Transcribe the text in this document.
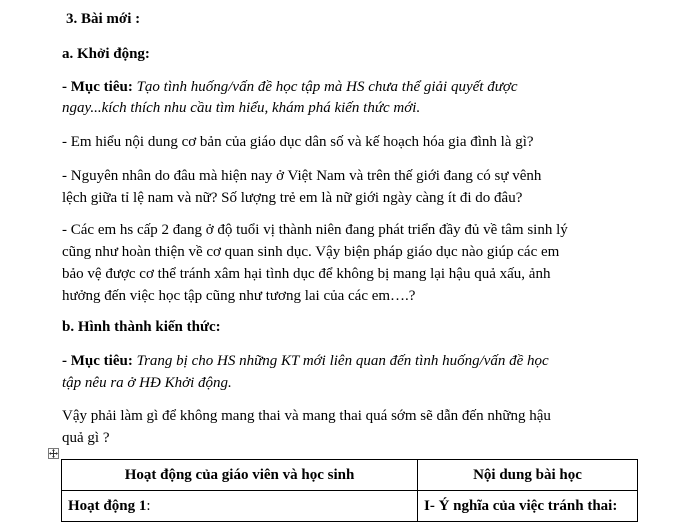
3. Bài mới :
a. Khởi động:
- Mục tiêu: Tạo tình huống/vấn đề học tập mà HS chưa thể giải quyết được
ngay...kích thích nhu cầu tìm hiểu, khám phá kiến thức mới.
- Em hiểu nội dung cơ bản của giáo dục dân số và kế hoạch hóa gia đình là gì?
- Nguyên nhân do đâu mà hiện nay ở Việt Nam và trên thế giới đang có sự vênh
lệch giữa tỉ lệ nam và nữ? Số lượng trẻ em là nữ giới ngày càng ít đi do đâu?
- Các em hs cấp 2 đang ở độ tuổi vị thành niên đang phát triển đầy đủ về tâm sinh lý
cũng như hoàn thiện về cơ quan sinh dục. Vậy biện pháp giáo dục nào giúp các em
bảo vệ được cơ thể tránh xâm hại tình dục để không bị mang lại hậu quả xấu, ảnh
hưởng đến việc học tập cũng như tương lai của các em….?
b. Hình thành kiến thức:
- Mục tiêu: Trang bị cho HS những KT mới liên quan đến tình huống/vấn đề học
tập nêu ra ở HĐ Khởi động.
Vậy phải làm gì để không mang thai và mang thai quá sớm sẽ dẫn đến những hậu
quả gì ?
Hoạt động của giáo viên và học sinh	Nội dung bài học
Hoạt động 1:	I- Ý nghĩa của việc tránh thai:
